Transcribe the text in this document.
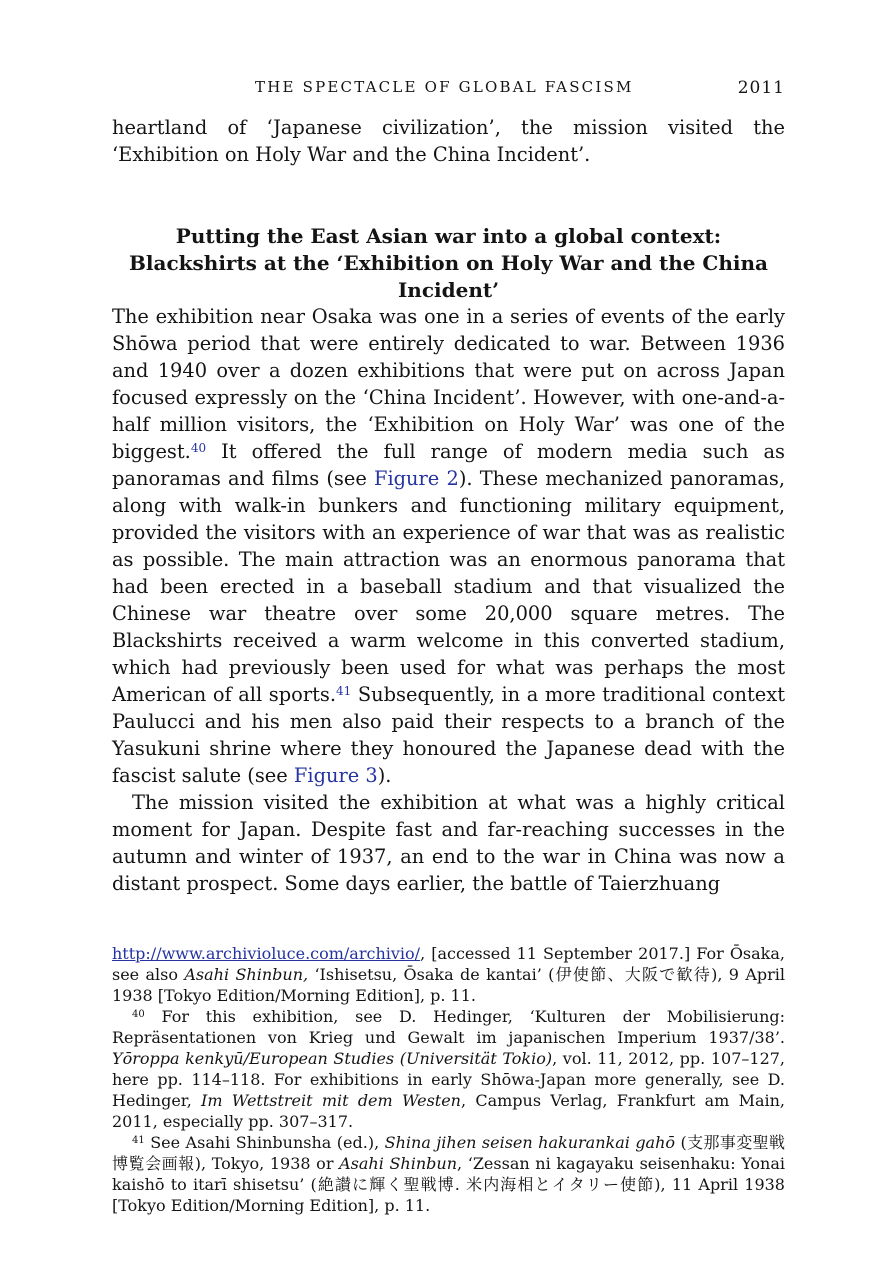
THE SPECTACLE OF GLOBAL FASCISM	2011

heartland of ‘Japanese civilization’, the mission visited the ‘Exhibition on Holy War and the China Incident’.

Putting the East Asian war into a global context: Blackshirts at the ‘Exhibition on Holy War and the China Incident’

The exhibition near Osaka was one in a series of events of the early Shōwa period that were entirely dedicated to war. Between 1936 and 1940 over a dozen exhibitions that were put on across Japan focused expressly on the ‘China Incident’. However, with one-and-a-half million visitors, the ‘Exhibition on Holy War’ was one of the biggest.$^{40}$ It offered the full range of modern media such as panoramas and films (see Figure 2). These mechanized panoramas, along with walk-in bunkers and functioning military equipment, provided the visitors with an experience of war that was as realistic as possible. The main attraction was an enormous panorama that had been erected in a baseball stadium and that visualized the Chinese war theatre over some 20,000 square metres. The Blackshirts received a warm welcome in this converted stadium, which had previously been used for what was perhaps the most American of all sports.$^{41}$ Subsequently, in a more traditional context Paulucci and his men also paid their respects to a branch of the Yasukuni shrine where they honoured the Japanese dead with the fascist salute (see Figure 3).

The mission visited the exhibition at what was a highly critical moment for Japan. Despite fast and far-reaching successes in the autumn and winter of 1937, an end to the war in China was now a distant prospect. Some days earlier, the battle of Taierzhuang

http://www.archivioluce.com/archivio/, [accessed 11 September 2017.] For Ōsaka, see also Asahi Shinbun, ‘Ishisetsu, Ōsaka de kantai’ (伊使節、大阪で歓待), 9 April 1938 [Tokyo Edition/Morning Edition], p. 11.

$^{40}$ For this exhibition, see D. Hedinger, ‘Kulturen der Mobilisierung: Repräsentationen von Krieg und Gewalt im japanischen Imperium 1937/38’. Yōroppa kenkyū/European Studies (Universität Tokio), vol. 11, 2012, pp. 107–127, here pp. 114–118. For exhibitions in early Shōwa-Japan more generally, see D. Hedinger, Im Wettstreit mit dem Westen, Campus Verlag, Frankfurt am Main, 2011, especially pp. 307–317.

$^{41}$ See Asahi Shinbunsha (ed.), Shina jihen seisen hakurankai gahō (支那事変聖戦博覧会画報), Tokyo, 1938 or Asahi Shinbun, ‘Zessan ni kagayaku seisenhaku: Yonai kaishō to itarī shisetsu’ (絶讃に輝く聖戦博. 米内海相とイタリー使節), 11 April 1938 [Tokyo Edition/Morning Edition], p. 11.
